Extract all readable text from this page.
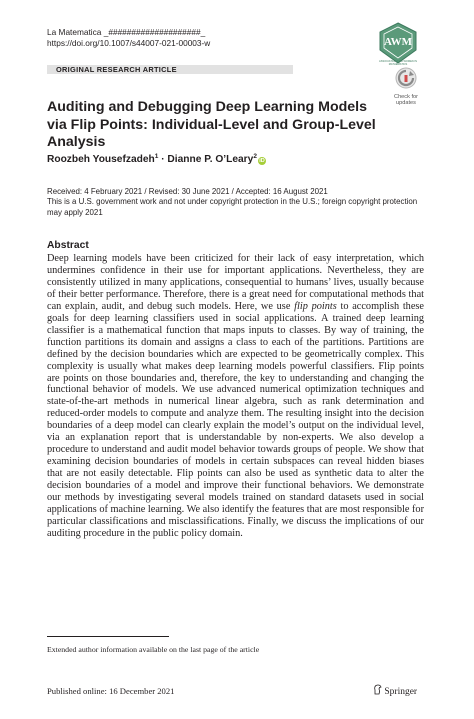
La Matematica _####################_
https://doi.org/10.1007/s44007-021-00003-w
ORIGINAL RESEARCH ARTICLE
AWM
ASSOCIATION FOR WOMEN IN MATHEMATICS
Check for
updates
Auditing and Debugging Deep Learning Models via Flip Points: Individual-Level and Group-Level Analysis
Roozbeh Yousefzadeh$^1$ · Dianne P. O’Leary$^2$iD
Received: 4 February 2021 / Revised: 30 June 2021 / Accepted: 16 August 2021
This is a U.S. government work and not under copyright protection in the U.S.; foreign copyright protection may apply 2021
Abstract
Deep learning models have been criticized for their lack of easy interpretation, which undermines confidence in their use for important applications. Nevertheless, they are consistently utilized in many applications, consequential to humans’ lives, usually because of their better performance. Therefore, there is a great need for computational methods that can explain, audit, and debug such models. Here, we use flip points to accomplish these goals for deep learning classifiers used in social applications. A trained deep learning classifier is a mathematical function that maps inputs to classes. By way of training, the function partitions its domain and assigns a class to each of the partitions. Partitions are defined by the decision boundaries which are expected to be geometrically complex. This complexity is usually what makes deep learning models powerful classifiers. Flip points are points on those boundaries and, therefore, the key to understanding and changing the functional behavior of models. We use advanced numerical optimization techniques and state-of-the-art methods in numerical linear algebra, such as rank determination and reduced-order models to compute and analyze them. The resulting insight into the decision boundaries of a deep model can clearly explain the model’s output on the individual level, via an explanation report that is understandable by non-experts. We also develop a procedure to understand and audit model behavior towards groups of people. We show that examining decision boundaries of models in certain subspaces can reveal hidden biases that are not easily detectable. Flip points can also be used as synthetic data to alter the decision boundaries of a model and improve their functional behaviors. We demonstrate our methods by investigating several models trained on standard datasets used in social applications of machine learning. We also identify the features that are most responsible for particular classifications and misclassifications. Finally, we discuss the implications of our auditing procedure in the public policy domain.
Extended author information available on the last page of the article
Published online: 16 December 2021	Springer
